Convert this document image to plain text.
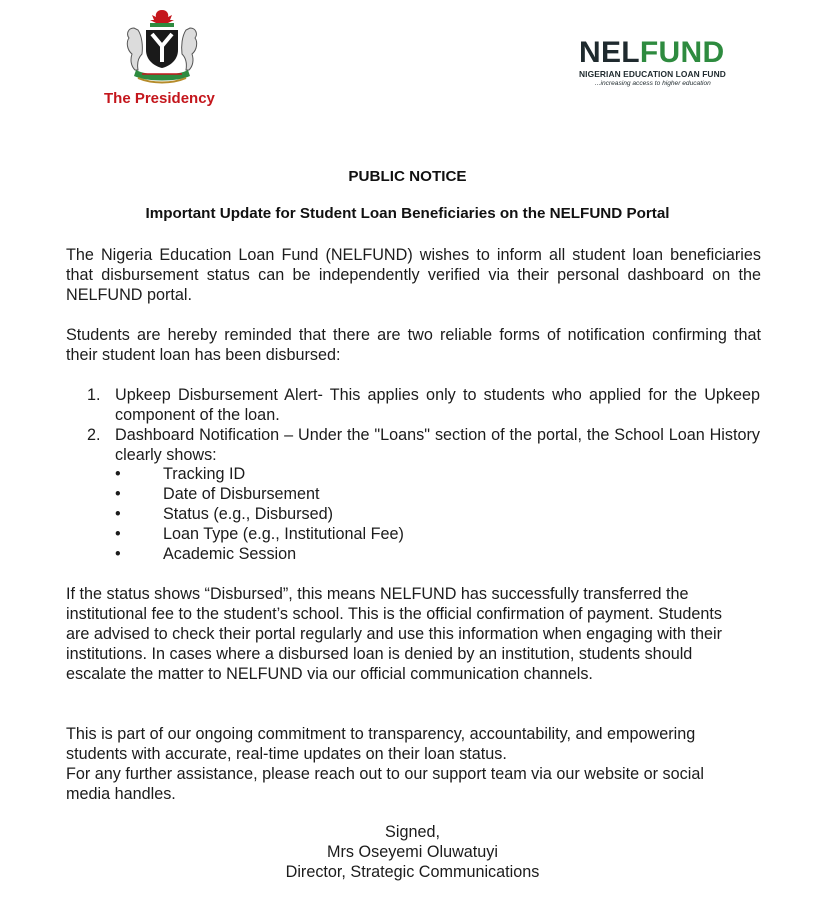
The Presidency
NELFUND
NIGERIAN EDUCATION LOAN FUND
...increasing access to higher education
PUBLIC NOTICE
Important Update for Student Loan Beneficiaries on the NELFUND Portal
The Nigeria Education Loan Fund (NELFUND) wishes to inform all student loan beneficiaries that disbursement status can be independently verified via their personal dashboard on the NELFUND portal.
Students are hereby reminded that there are two reliable forms of notification confirming that their student loan has been disbursed:
1. Upkeep Disbursement Alert- This applies only to students who applied for the Upkeep component of the loan.
2. Dashboard Notification – Under the "Loans" section of the portal, the School Loan History clearly shows:
•	Tracking ID
•	Date of Disbursement
•	Status (e.g., Disbursed)
•	Loan Type (e.g., Institutional Fee)
•	Academic Session
If the status shows “Disbursed”, this means NELFUND has successfully transferred the institutional fee to the student’s school. This is the official confirmation of payment. Students are advised to check their portal regularly and use this information when engaging with their institutions. In cases where a disbursed loan is denied by an institution, students should escalate the matter to NELFUND via our official communication channels.
This is part of our ongoing commitment to transparency, accountability, and empowering students with accurate, real-time updates on their loan status.
For any further assistance, please reach out to our support team via our website or social media handles.
Signed,
Mrs Oseyemi Oluwatuyi
Director, Strategic Communications
